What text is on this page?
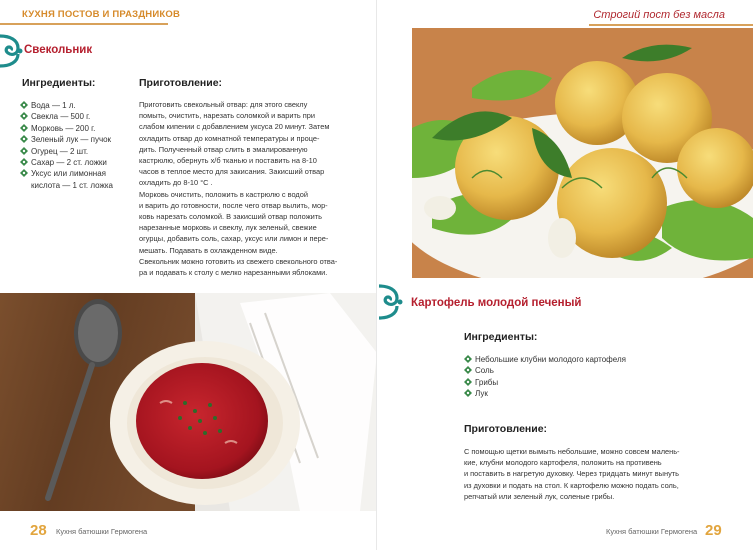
КУХНЯ ПОСТОВ И ПРАЗДНИКОВ
Свекольник
Ингредиенты:
Вода — 1 л.
Свекла — 500 г.
Морковь — 200 г.
Зеленый лук — пучок
Огурец — 2 шт.
Сахар — 2 ст. ложки
Уксус или лимонная
кислота — 1 ст. ложка
Приготовление:
Приготовить свекольный отвар: для этого свеклу
помыть, очистить, нарезать соломкой и варить при
слабом кипении с добавлением уксуса 20 минут. Затем
охладить отвар до комнатной температуры и проце-
дить. Полученный отвар слить в эмалированную
кастрюлю, обернуть х/б тканью и поставить на 8-10
часов в теплое место для закисания. Закисший отвар
охладить до 8-10 °С .
Морковь очистить, положить в кастрюлю с водой
и варить до готовности, после чего отвар вылить, мор-
ковь нарезать соломкой. В закисший отвар положить
нарезанные морковь и свеклу, лук зеленый, свежие
огурцы, добавить соль, сахар, уксус или лимон и пере-
мешать. Подавать в охлажденном виде.
Свекольник можно готовить из свежего свекольного отва-
ра и подавать к столу с мелко нарезанными яблоками.
28 Кухня батюшки Гермогена
Строгий пост без масла
Картофель молодой печеный
Ингредиенты:
Небольшие клубни молодого картофеля
Соль
Грибы
Лук
Приготовление:
С помощью щетки вымыть небольшие, можно совсем малень-
кие, клубни молодого картофеля, положить на противень
и поставить в нагретую духовку. Через тридцать минут вынуть
из духовки и подать на стол. К картофелю можно подать соль,
репчатый или зеленый лук, соленые грибы.
Кухня батюшки Гермогена 29
